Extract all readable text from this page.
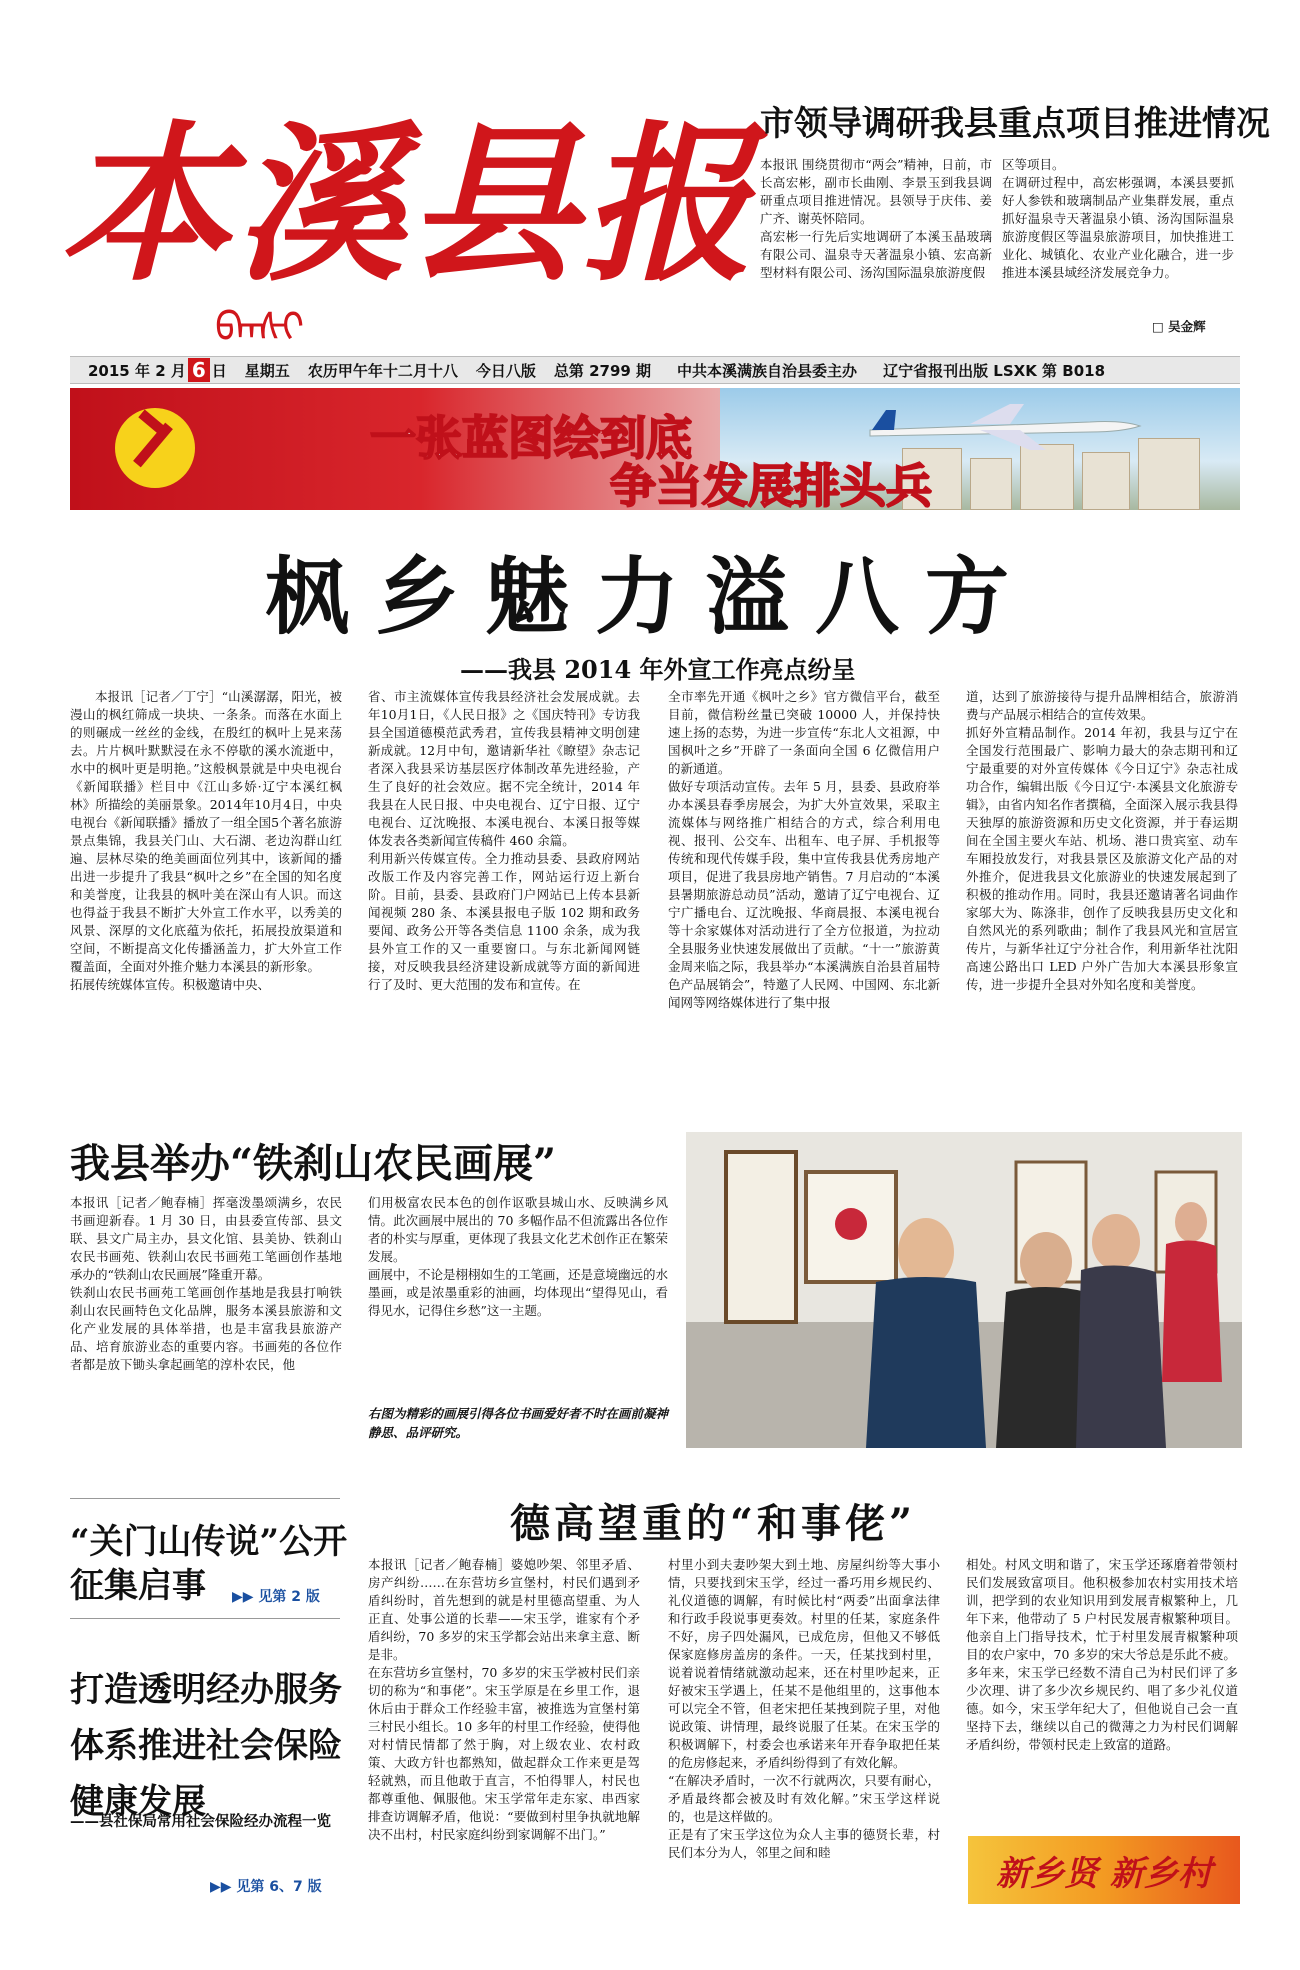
本溪县报
ᠪᠡᠨᠰᠢ
市领导调研我县重点项目推进情况
本报讯 围绕贯彻市“两会”精神，日前，市长高宏彬，副市长曲刚、李景玉到我县调研重点项目推进情况。县领导于庆伟、姜广齐、谢英怀陪同。
高宏彬一行先后实地调研了本溪玉晶玻璃有限公司、温泉寺天著温泉小镇、宏高新型材料有限公司、汤沟国际温泉旅游度假
区等项目。
在调研过程中，高宏彬强调，本溪县要抓好人参铁和玻璃制品产业集群发展，重点抓好温泉寺天著温泉小镇、汤沟国际温泉旅游度假区等温泉旅游项目，加快推进工业化、城镇化、农业产业化融合，进一步推进本溪县域经济发展竞争力。
□ 吴金辉
2015 年 2 月 6 日 星期五 农历甲午年十二月十八 今日八版 总第 2799 期 中共本溪满族自治县委主办 辽宁省报刊出版 LSXK 第 B018
一张蓝图绘到底
争当发展排头兵
枫乡魅力溢八方
——我县 2014 年外宣工作亮点纷呈
本报讯［记者／丁宁］“山溪潺潺，阳光，被漫山的枫红筛成一块块、一条条。而落在水面上的则碾成一丝丝的金线，在殷红的枫叶上晃来荡去。片片枫叶默默浸在永不停歇的溪水流逝中，水中的枫叶更是明艳。”这般枫景就是中央电视台《新闻联播》栏目中《江山多娇·辽宁本溪红枫林》所描绘的美丽景象。2014年10月4日，中央电视台《新闻联播》播放了一组全国5个著名旅游景点集锦，我县关门山、大石湖、老边沟群山红遍、层林尽染的绝美画面位列其中，该新闻的播出进一步提升了我县“枫叶之乡”在全国的知名度和美誉度，让我县的枫叶美在深山有人识。而这也得益于我县不断扩大外宣工作水平，以秀美的风景、深厚的文化底蕴为依托，拓展投放渠道和空间，不断提高文化传播涵盖力，扩大外宣工作覆盖面，全面对外推介魅力本溪县的新形象。
拓展传统媒体宣传。积极邀请中央、
省、市主流媒体宣传我县经济社会发展成就。去年10月1日，《人民日报》之《国庆特刊》专访我县全国道德模范武秀君，宣传我县精神文明创建新成就。12月中旬，邀请新华社《瞭望》杂志记者深入我县采访基层医疗体制改革先进经验，产生了良好的社会效应。据不完全统计，2014 年我县在人民日报、中央电视台、辽宁日报、辽宁电视台、辽沈晚报、本溪电视台、本溪日报等媒体发表各类新闻宣传稿件 460 余篇。
利用新兴传媒宣传。全力推动县委、县政府网站改版工作及内容完善工作，网站运行迈上新台阶。目前，县委、县政府门户网站已上传本县新闻视频 280 条、本溪县报电子版 102 期和政务要闻、政务公开等各类信息 1100 余条，成为我县外宣工作的又一重要窗口。与东北新闻网链接，对反映我县经济建设新成就等方面的新闻进行了及时、更大范围的发布和宣传。在
全市率先开通《枫叶之乡》官方微信平台，截至目前，微信粉丝量已突破 10000 人，并保持快速上扬的态势，为进一步宣传“东北人文祖源，中国枫叶之乡”开辟了一条面向全国 6 亿微信用户的新通道。
做好专项活动宣传。去年 5 月，县委、县政府举办本溪县春季房展会，为扩大外宣效果，采取主流媒体与网络推广相结合的方式，综合利用电视、报刊、公交车、出租车、电子屏、手机报等传统和现代传媒手段，集中宣传我县优秀房地产项目，促进了我县房地产销售。7 月启动的“本溪县暑期旅游总动员”活动，邀请了辽宁电视台、辽宁广播电台、辽沈晚报、华商晨报、本溪电视台等十余家媒体对活动进行了全方位报道，为拉动全县服务业快速发展做出了贡献。“十一”旅游黄金周来临之际，我县举办“本溪满族自治县首届特色产品展销会”，特邀了人民网、中国网、东北新闻网等网络媒体进行了集中报
道，达到了旅游接待与提升品牌相结合，旅游消费与产品展示相结合的宣传效果。
抓好外宣精品制作。2014 年初，我县与辽宁在全国发行范围最广、影响力最大的杂志期刊和辽宁最重要的对外宣传媒体《今日辽宁》杂志社成功合作，编辑出版《今日辽宁·本溪县文化旅游专辑》，由省内知名作者撰稿，全面深入展示我县得天独厚的旅游资源和历史文化资源，并于春运期间在全国主要火车站、机场、港口贵宾室、动车车厢投放发行，对我县景区及旅游文化产品的对外推介，促进我县文化旅游业的快速发展起到了积极的推动作用。同时，我县还邀请著名词曲作家邬大为、陈涤非，创作了反映我县历史文化和自然风光的系列歌曲；制作了我县风光和宣居宣传片，与新华社辽宁分社合作，利用新华社沈阳高速公路出口 LED 户外广告加大本溪县形象宣传，进一步提升全县对外知名度和美誉度。
我县举办“铁刹山农民画展”
本报讯［记者／鲍春楠］挥毫泼墨颂满乡，农民书画迎新春。1 月 30 日，由县委宣传部、县文联、县文广局主办，县文化馆、县美协、铁刹山农民书画苑、铁刹山农民书画苑工笔画创作基地承办的“铁刹山农民画展”隆重开幕。
铁刹山农民书画苑工笔画创作基地是我县打响铁刹山农民画特色文化品牌，服务本溪县旅游和文化产业发展的具体举措，也是丰富我县旅游产品、培育旅游业态的重要内容。书画苑的各位作者都是放下锄头拿起画笔的淳朴农民，他
们用极富农民本色的创作讴歌县城山水、反映满乡风情。此次画展中展出的 70 多幅作品不但流露出各位作者的朴实与厚重，更体现了我县文化艺术创作正在繁荣发展。
画展中，不论是栩栩如生的工笔画，还是意境幽远的水墨画，或是浓墨重彩的油画，均体现出“望得见山，看得见水，记得住乡愁”这一主题。
右图为精彩的画展引得各位书画爱好者不时在画前凝神静思、品评研究。
“关门山传说”公开征集启事	▶▶ 见第 2 版
打造透明经办服务体系推进社会保险健康发展
——县社保局常用社会保险经办流程一览
▶▶ 见第 6、7 版
德高望重的“和事佬”
本报讯［记者／鲍春楠］婆媳吵架、邻里矛盾、房产纠纷……在东营坊乡宣堡村，村民们遇到矛盾纠纷时，首先想到的就是村里德高望重、为人正直、处事公道的长辈——宋玉学，谁家有个矛盾纠纷，70 多岁的宋玉学都会站出来拿主意、断是非。
在东营坊乡宣堡村，70 多岁的宋玉学被村民们亲切的称为“和事佬”。宋玉学原是在乡里工作，退休后由于群众工作经验丰富，被推选为宣堡村第三村民小组长。10 多年的村里工作经验，使得他对村情民情都了然于胸，对上级农业、农村政策、大政方针也都熟知，做起群众工作来更是驾轻就熟，而且他敢于直言，不怕得罪人，村民也都尊重他、佩服他。宋玉学常年走东家、串西家排查访调解矛盾，他说：“要做到村里争执就地解决不出村，村民家庭纠纷到家调解不出门。”
村里小到夫妻吵架大到土地、房屋纠纷等大事小情，只要找到宋玉学，经过一番巧用乡规民约、礼仪道德的调解，有时候比村“两委”出面拿法律和行政手段说事更奏效。村里的任某，家庭条件不好，房子四处漏风，已成危房，但他又不够低保家庭修房盖房的条件。一天，任某找到村里，说着说着情绪就激动起来，还在村里吵起来，正好被宋玉学遇上，任某不是他组里的，这事他本可以完全不管，但老宋把任某拽到院子里，对他说政策、讲情理，最终说服了任某。在宋玉学的积极调解下，村委会也承诺来年开春争取把任某的危房修起来，矛盾纠纷得到了有效化解。
“在解决矛盾时，一次不行就两次，只要有耐心，矛盾最终都会被及时有效化解。”宋玉学这样说的，也是这样做的。
正是有了宋玉学这位为众人主事的德贤长辈，村民们本分为人，邻里之间和睦
相处。村风文明和谐了，宋玉学还琢磨着带领村民们发展致富项目。他积极参加农村实用技术培训，把学到的农业知识用到发展青椒繁种上，几年下来，他带动了 5 户村民发展青椒繁种项目。他亲自上门指导技术，忙于村里发展青椒繁种项目的农户家中，70 多岁的宋大爷总是乐此不疲。
多年来，宋玉学已经数不清自己为村民们评了多少次理、讲了多少次乡规民约、唱了多少礼仪道德。如今，宋玉学年纪大了，但他说自己会一直坚持下去，继续以自己的微薄之力为村民们调解矛盾纠纷，带领村民走上致富的道路。
新乡贤 新乡村
